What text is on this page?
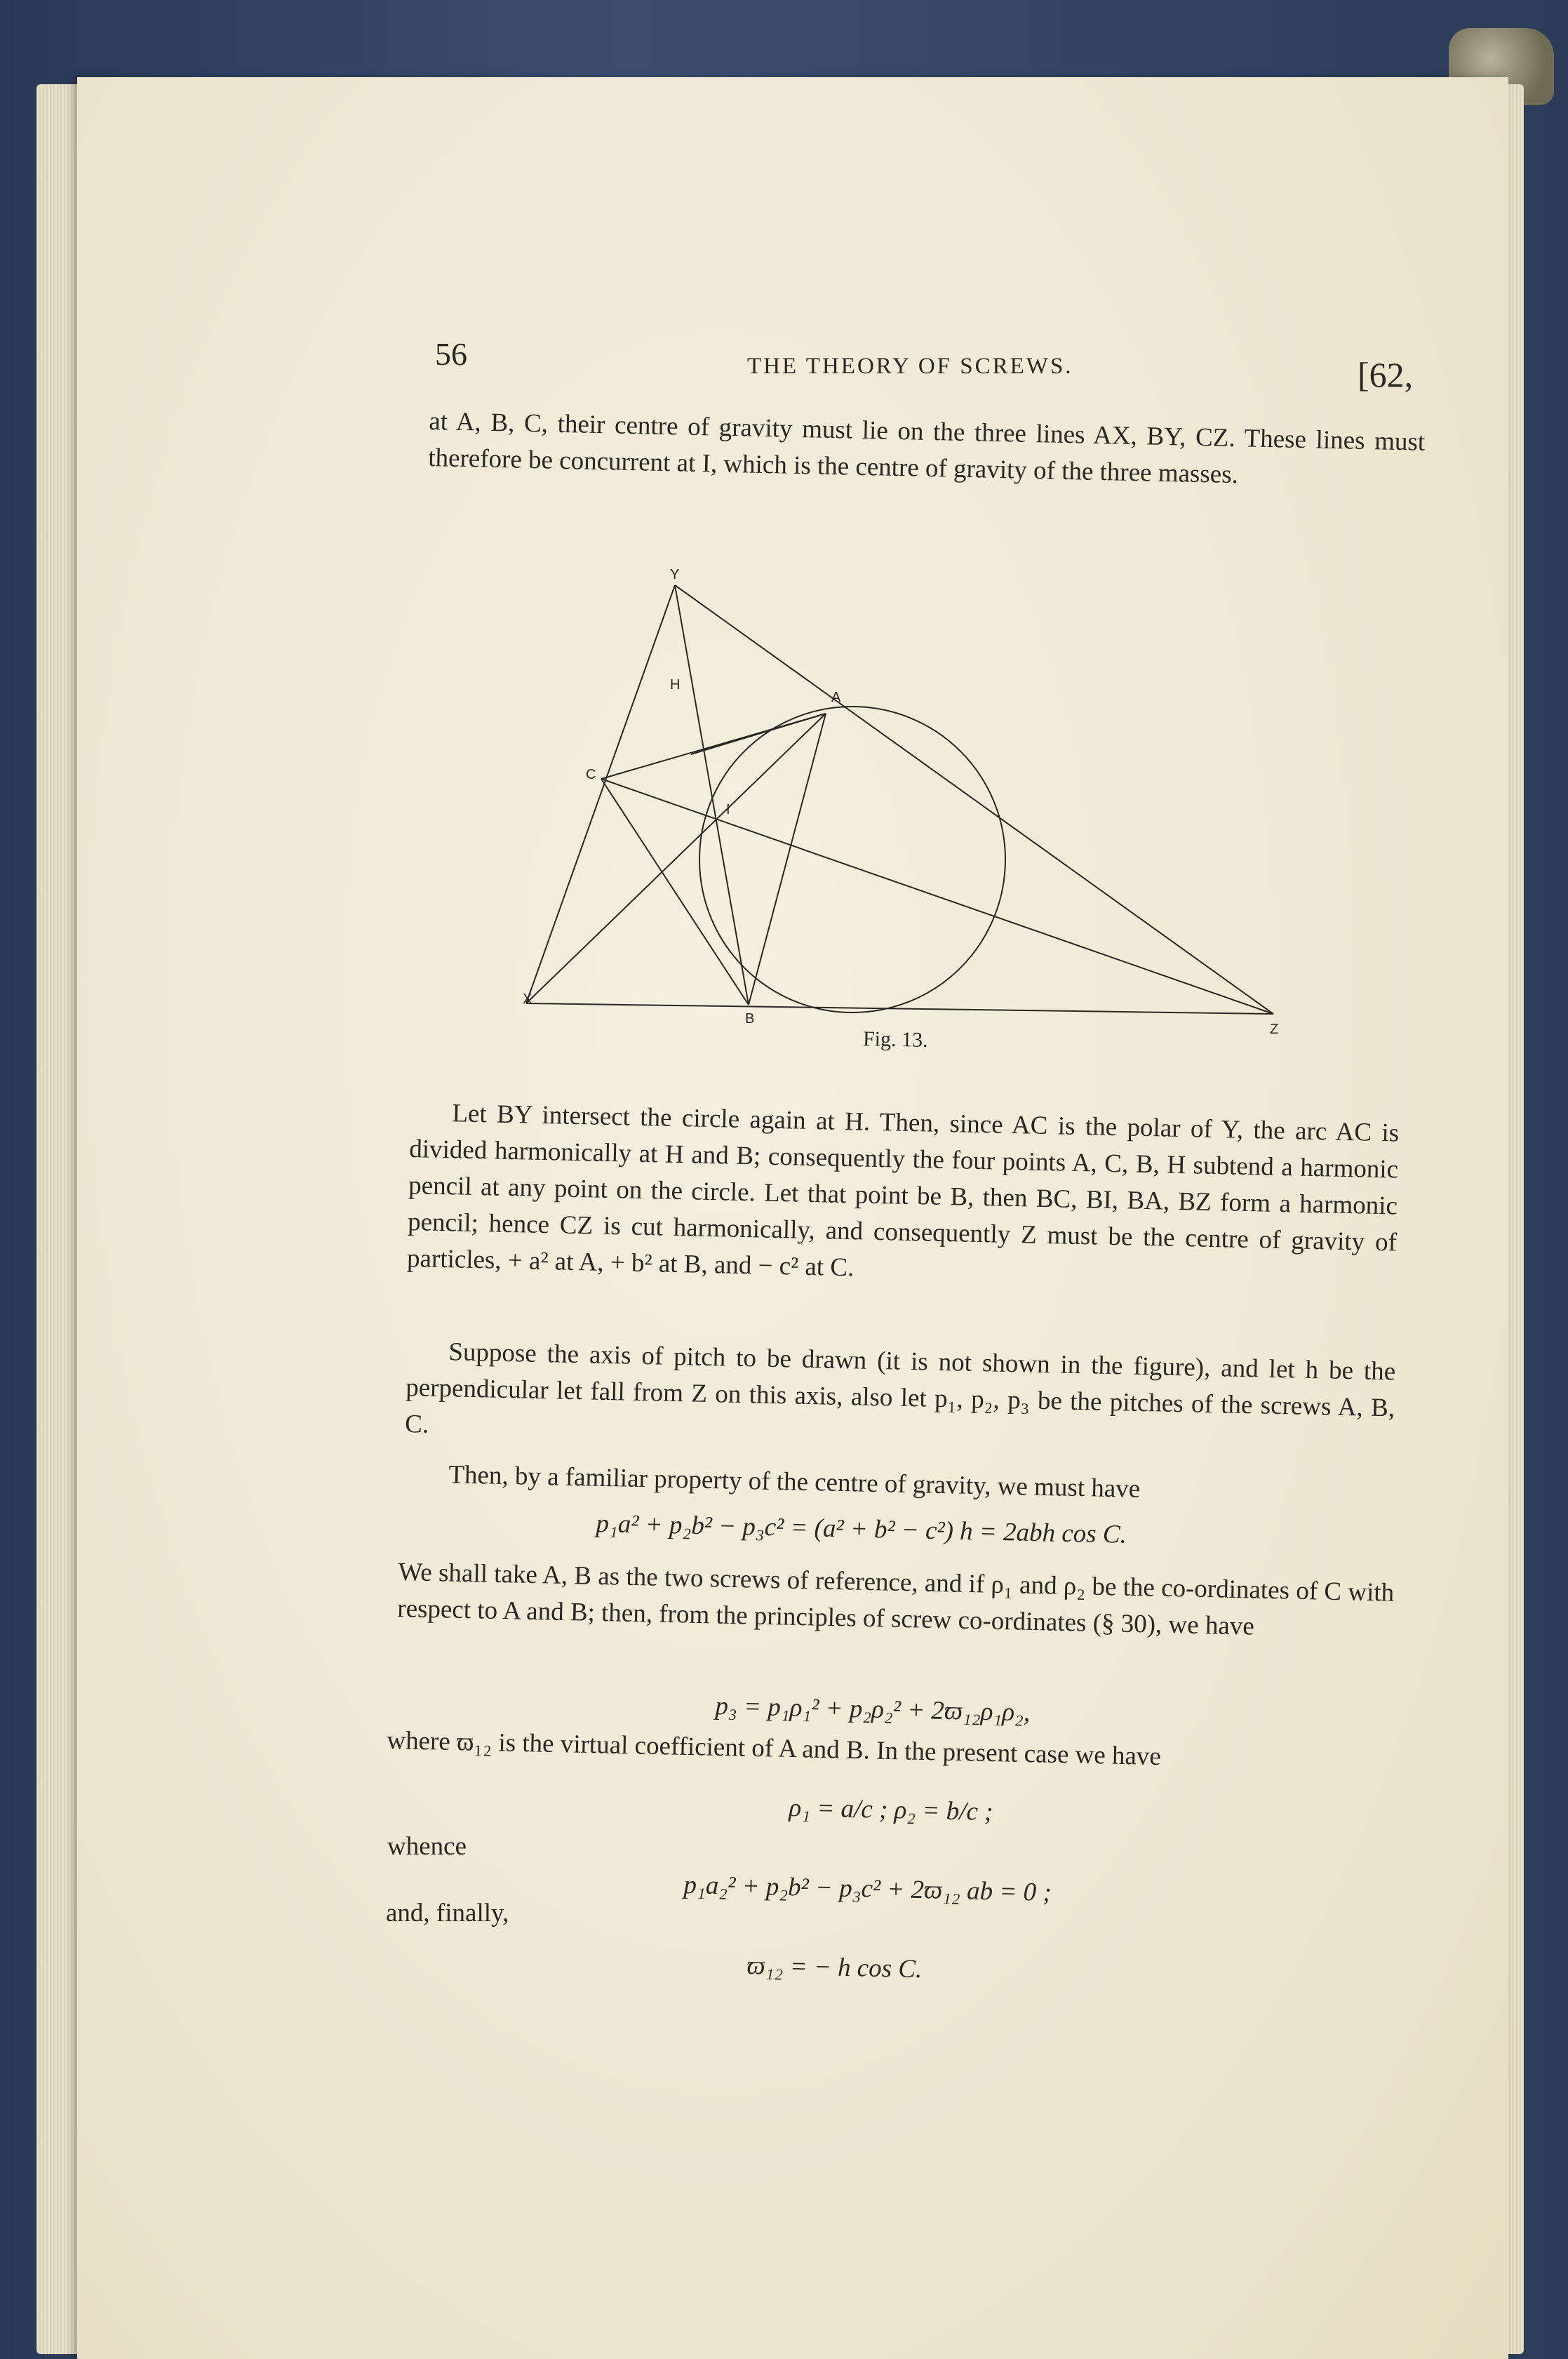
56	THE THEORY OF SCREWS.	[62,

at A, B, C, their centre of gravity must lie on the three lines AX, BY, CZ. These lines must therefore be concurrent at I, which is the centre of gravity of the three masses.

Y
H
A
C
I
X
B
Z
Fig. 13.

Let BY intersect the circle again at H. Then, since AC is the polar of Y, the arc AC is divided harmonically at H and B; consequently the four points A, C, B, H subtend a harmonic pencil at any point on the circle. Let that point be B, then BC, BI, BA, BZ form a harmonic pencil; hence CZ is cut harmonically, and consequently Z must be the centre of gravity of particles, + a² at A, + b² at B, and − c² at C.

Suppose the axis of pitch to be drawn (it is not shown in the figure), and let h be the perpendicular let fall from Z on this axis, also let p₁, p₂, p₃ be the pitches of the screws A, B, C.

Then, by a familiar property of the centre of gravity, we must have

p₁a² + p₂b² − p₃c² = (a² + b² − c²) h = 2abh cos C.

We shall take A, B as the two screws of reference, and if ρ₁ and ρ₂ be the co-ordinates of C with respect to A and B; then, from the principles of screw co-ordinates (§ 30), we have

p₃ = p₁ρ₁² + p₂ρ₂² + 2ϖ₁₂ρ₁ρ₂,

where ϖ₁₂ is the virtual coefficient of A and B. In the present case we have

ρ₁ = a/c ; ρ₂ = b/c ;
whence
p₁a₂² + p₂b² − p₃c² + 2ϖ₁₂ ab = 0 ;
and, finally,
ϖ₁₂ = − h cos C.
